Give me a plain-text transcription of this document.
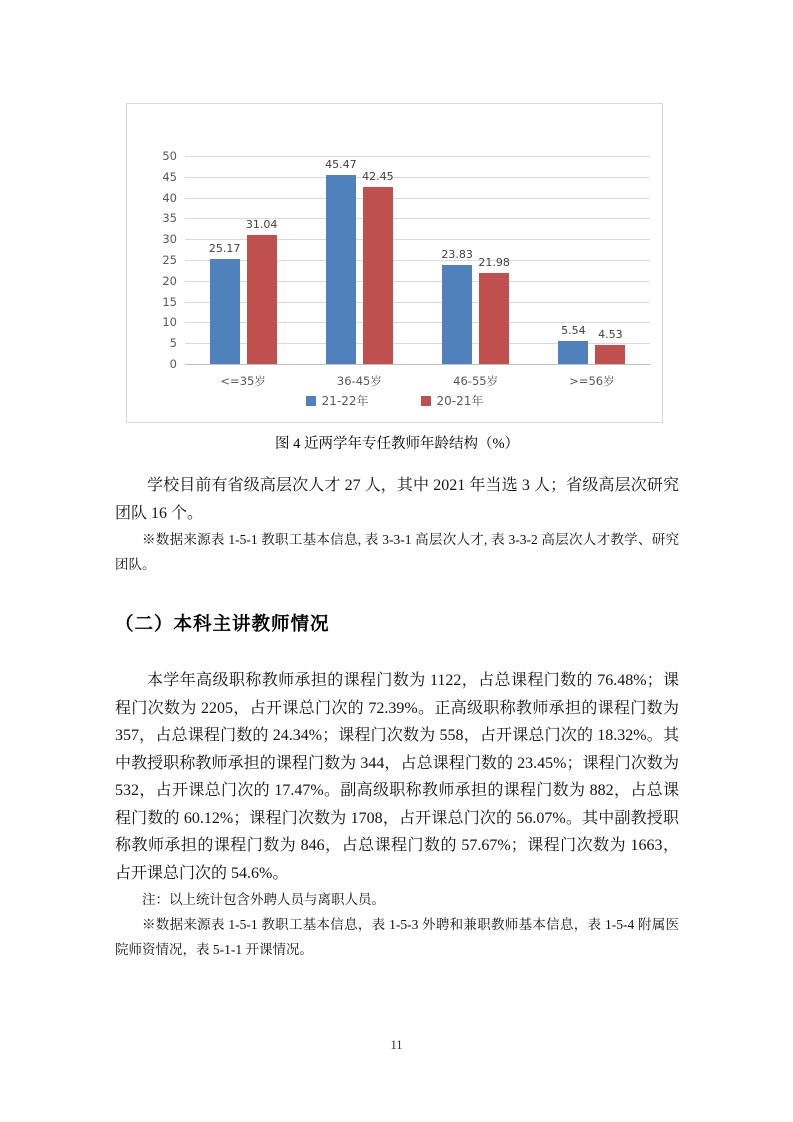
0
5
10
15
20
25
30
35
40
45
50
25.17
31.04
<=35岁
45.47
42.45
36-45岁
23.83
21.98
46-55岁
5.54	4.53
>=56岁
21-22年	20-21年
图 4 近两学年专任教师年龄结构（%）

学校目前有省级高层次人才 27 人，其中 2021 年当选 3 人；省级高层次研究团队 16 个。

※数据来源表 1-5-1 教职工基本信息, 表 3-3-1 高层次人才, 表 3-3-2 高层次人才教学、研究团队。

（二）本科主讲教师情况

本学年高级职称教师承担的课程门数为 1122，占总课程门数的 76.48%；课程门次数为 2205，占开课总门次的 72.39%。正高级职称教师承担的课程门数为 357，占总课程门数的 24.34%；课程门次数为 558，占开课总门次的 18.32%。其中教授职称教师承担的课程门数为 344，占总课程门数的 23.45%；课程门次数为 532，占开课总门次的 17.47%。副高级职称教师承担的课程门数为 882，占总课程门数的 60.12%；课程门次数为 1708，占开课总门次的 56.07%。其中副教授职称教师承担的课程门数为 846，占总课程门数的 57.67%；课程门次数为 1663，占开课总门次的 54.6%。

注：以上统计包含外聘人员与离职人员。

※数据来源表 1-5-1 教职工基本信息，表 1-5-3 外聘和兼职教师基本信息，表 1-5-4 附属医院师资情况，表 5-1-1 开课情况。

11
